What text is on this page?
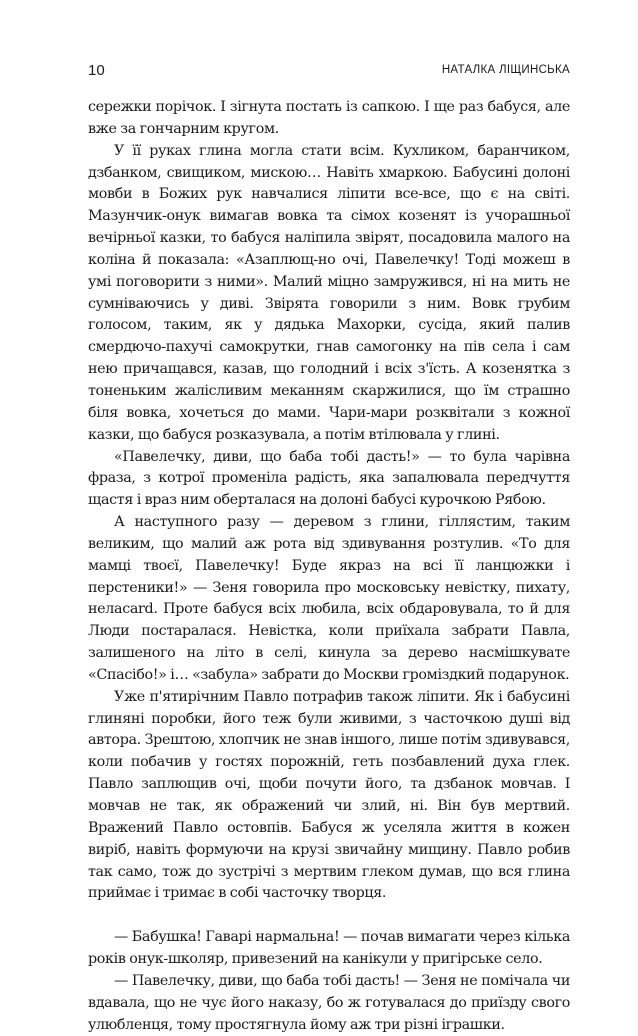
10	НАТАЛКА ЛІЩИНСЬКА

сережки порічок. І зігнута постать із сапкою. І ще раз бабуся, але вже за гончарним кругом.

У її руках глина могла стати всім. Кухликом, баранчиком, дзбанком, свищиком, мискою… Навіть хмаркою. Бабусині долоні мовби в Божих рук навчалися ліпити все-все, що є на світі. Мазунчик-онук вимагав вовка та сімох козенят із учорашньої вечірньої казки, то бабуся наліпила звірят, посадовила малого на коліна й показала: «Азаплющ-но очі, Павелечку! Тоді можеш в умі поговорити з ними». Малий міцно замружився, ні на мить не сумніваючись у диві. Звірята говорили з ним. Вовк грубим голосом, таким, як у дядька Махорки, сусіда, який палив смердючо-пахучі самокрутки, гнав самогонку на пів села і сам нею причащався, казав, що голодний і всіх з'їсть. А козенятка з тоненьким жалісливим меканням скаржилися, що їм страшно біля вовка, хочеться до мами. Чари-мари розквітали з кожної казки, що бабуся розказувала, а потім втілювала у глині.

«Павелечку, диви, що баба тобі дасть!» — то була чарівна фраза, з котрої променіла радість, яка запалювала передчуття щастя і враз ним оберталася на долоні бабусі курочкою Рябою.

А наступного разу — деревом з глини, гіллястим, таким великим, що малий аж рота від здивування розтулив. «То для мамці твоєї, Павелечку! Буде якраз на всі її ланцюжки і перстеники!» — Зеня говорила про московську невістку, пихату, нелаcard. Проте бабуся всіх любила, всіх обдаровувала, то й для Люди постаралася. Невістка, коли приїхала забрати Павла, залишеного на літо в селі, кинула за дерево насмішкувате «Спасібо!» і… «забула» забрати до Москви громіздкий подарунок.

Уже п'ятирічним Павло потрафив також ліпити. Як і бабусині глиняні поробки, його теж були живими, з часточкою душі від автора. Зрештою, хлопчик не знав іншого, лише потім здивувався, коли побачив у гостях порожній, геть позбавлений духа глек. Павло заплющив очі, щоби почути його, та дзбанок мовчав. І мовчав не так, як ображений чи злий, ні. Він був мертвий. Вражений Павло остовпів. Бабуся ж уселяла життя в кожен виріб, навіть формуючи на крузі звичайну мищину. Павло робив так само, тож до зустрічі з мертвим глеком думав, що вся глина приймає і тримає в собі часточку творця.

— Бабушка! Гаварі нармальна! — почав вимагати через кілька років онук-школяр, привезений на канікули у пригірське село.

— Павелечку, диви, що баба тобі дасть! — Зеня не помічала чи вдавала, що не чує його наказу, бо ж готувалася до приїзду свого улюбленця, тому простягнула йому аж три різні іграшки.
